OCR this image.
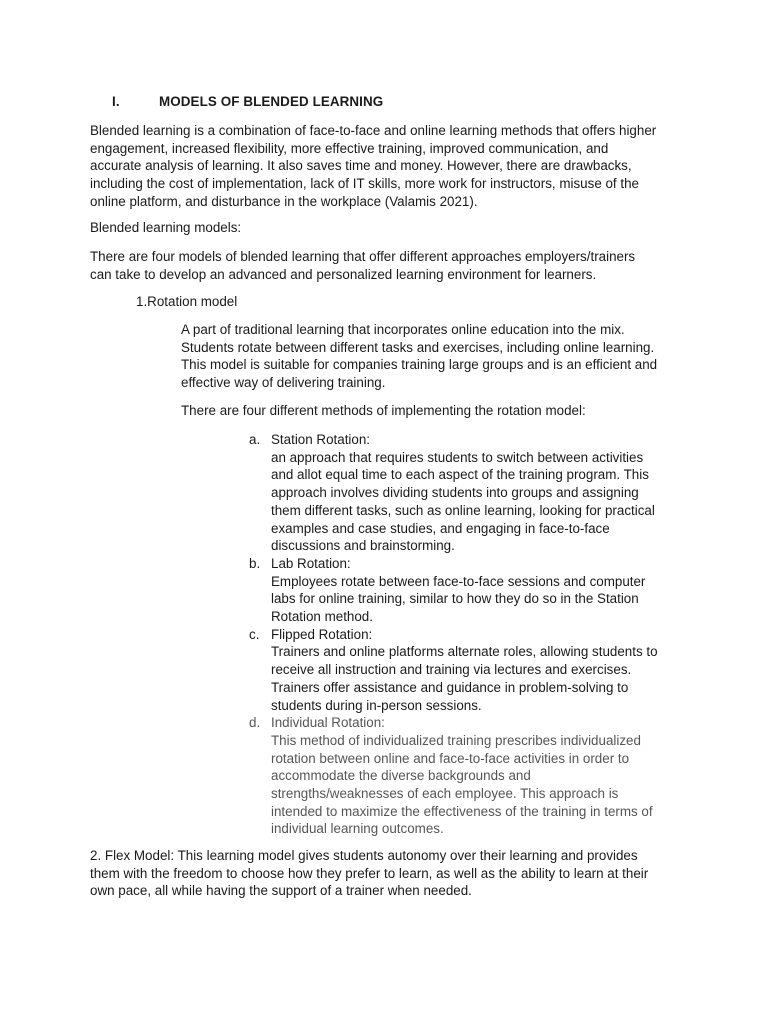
I.	MODELS OF BLENDED LEARNING
Blended learning is a combination of face-to-face and online learning methods that offers higher
engagement, increased flexibility, more effective training, improved communication, and
accurate analysis of learning. It also saves time and money. However, there are drawbacks,
including the cost of implementation, lack of IT skills, more work for instructors, misuse of the
online platform, and disturbance in the workplace (Valamis 2021).
Blended learning models:
There are four models of blended learning that offer different approaches employers/trainers
can take to develop an advanced and personalized learning environment for learners.
1.Rotation model
A part of traditional learning that incorporates online education into the mix.
Students rotate between different tasks and exercises, including online learning.
This model is suitable for companies training large groups and is an efficient and
effective way of delivering training.
There are four different methods of implementing the rotation model:
a. Station Rotation:
an approach that requires students to switch between activities
and allot equal time to each aspect of the training program. This
approach involves dividing students into groups and assigning
them different tasks, such as online learning, looking for practical
examples and case studies, and engaging in face-to-face
discussions and brainstorming.
b. Lab Rotation:
Employees rotate between face-to-face sessions and computer
labs for online training, similar to how they do so in the Station
Rotation method.
c. Flipped Rotation:
Trainers and online platforms alternate roles, allowing students to
receive all instruction and training via lectures and exercises.
Trainers offer assistance and guidance in problem-solving to
students during in-person sessions.
d. Individual Rotation:
This method of individualized training prescribes individualized
rotation between online and face-to-face activities in order to
accommodate the diverse backgrounds and
strengths/weaknesses of each employee. This approach is
intended to maximize the effectiveness of the training in terms of
individual learning outcomes.
2. Flex Model: This learning model gives students autonomy over their learning and provides
them with the freedom to choose how they prefer to learn, as well as the ability to learn at their
own pace, all while having the support of a trainer when needed.
